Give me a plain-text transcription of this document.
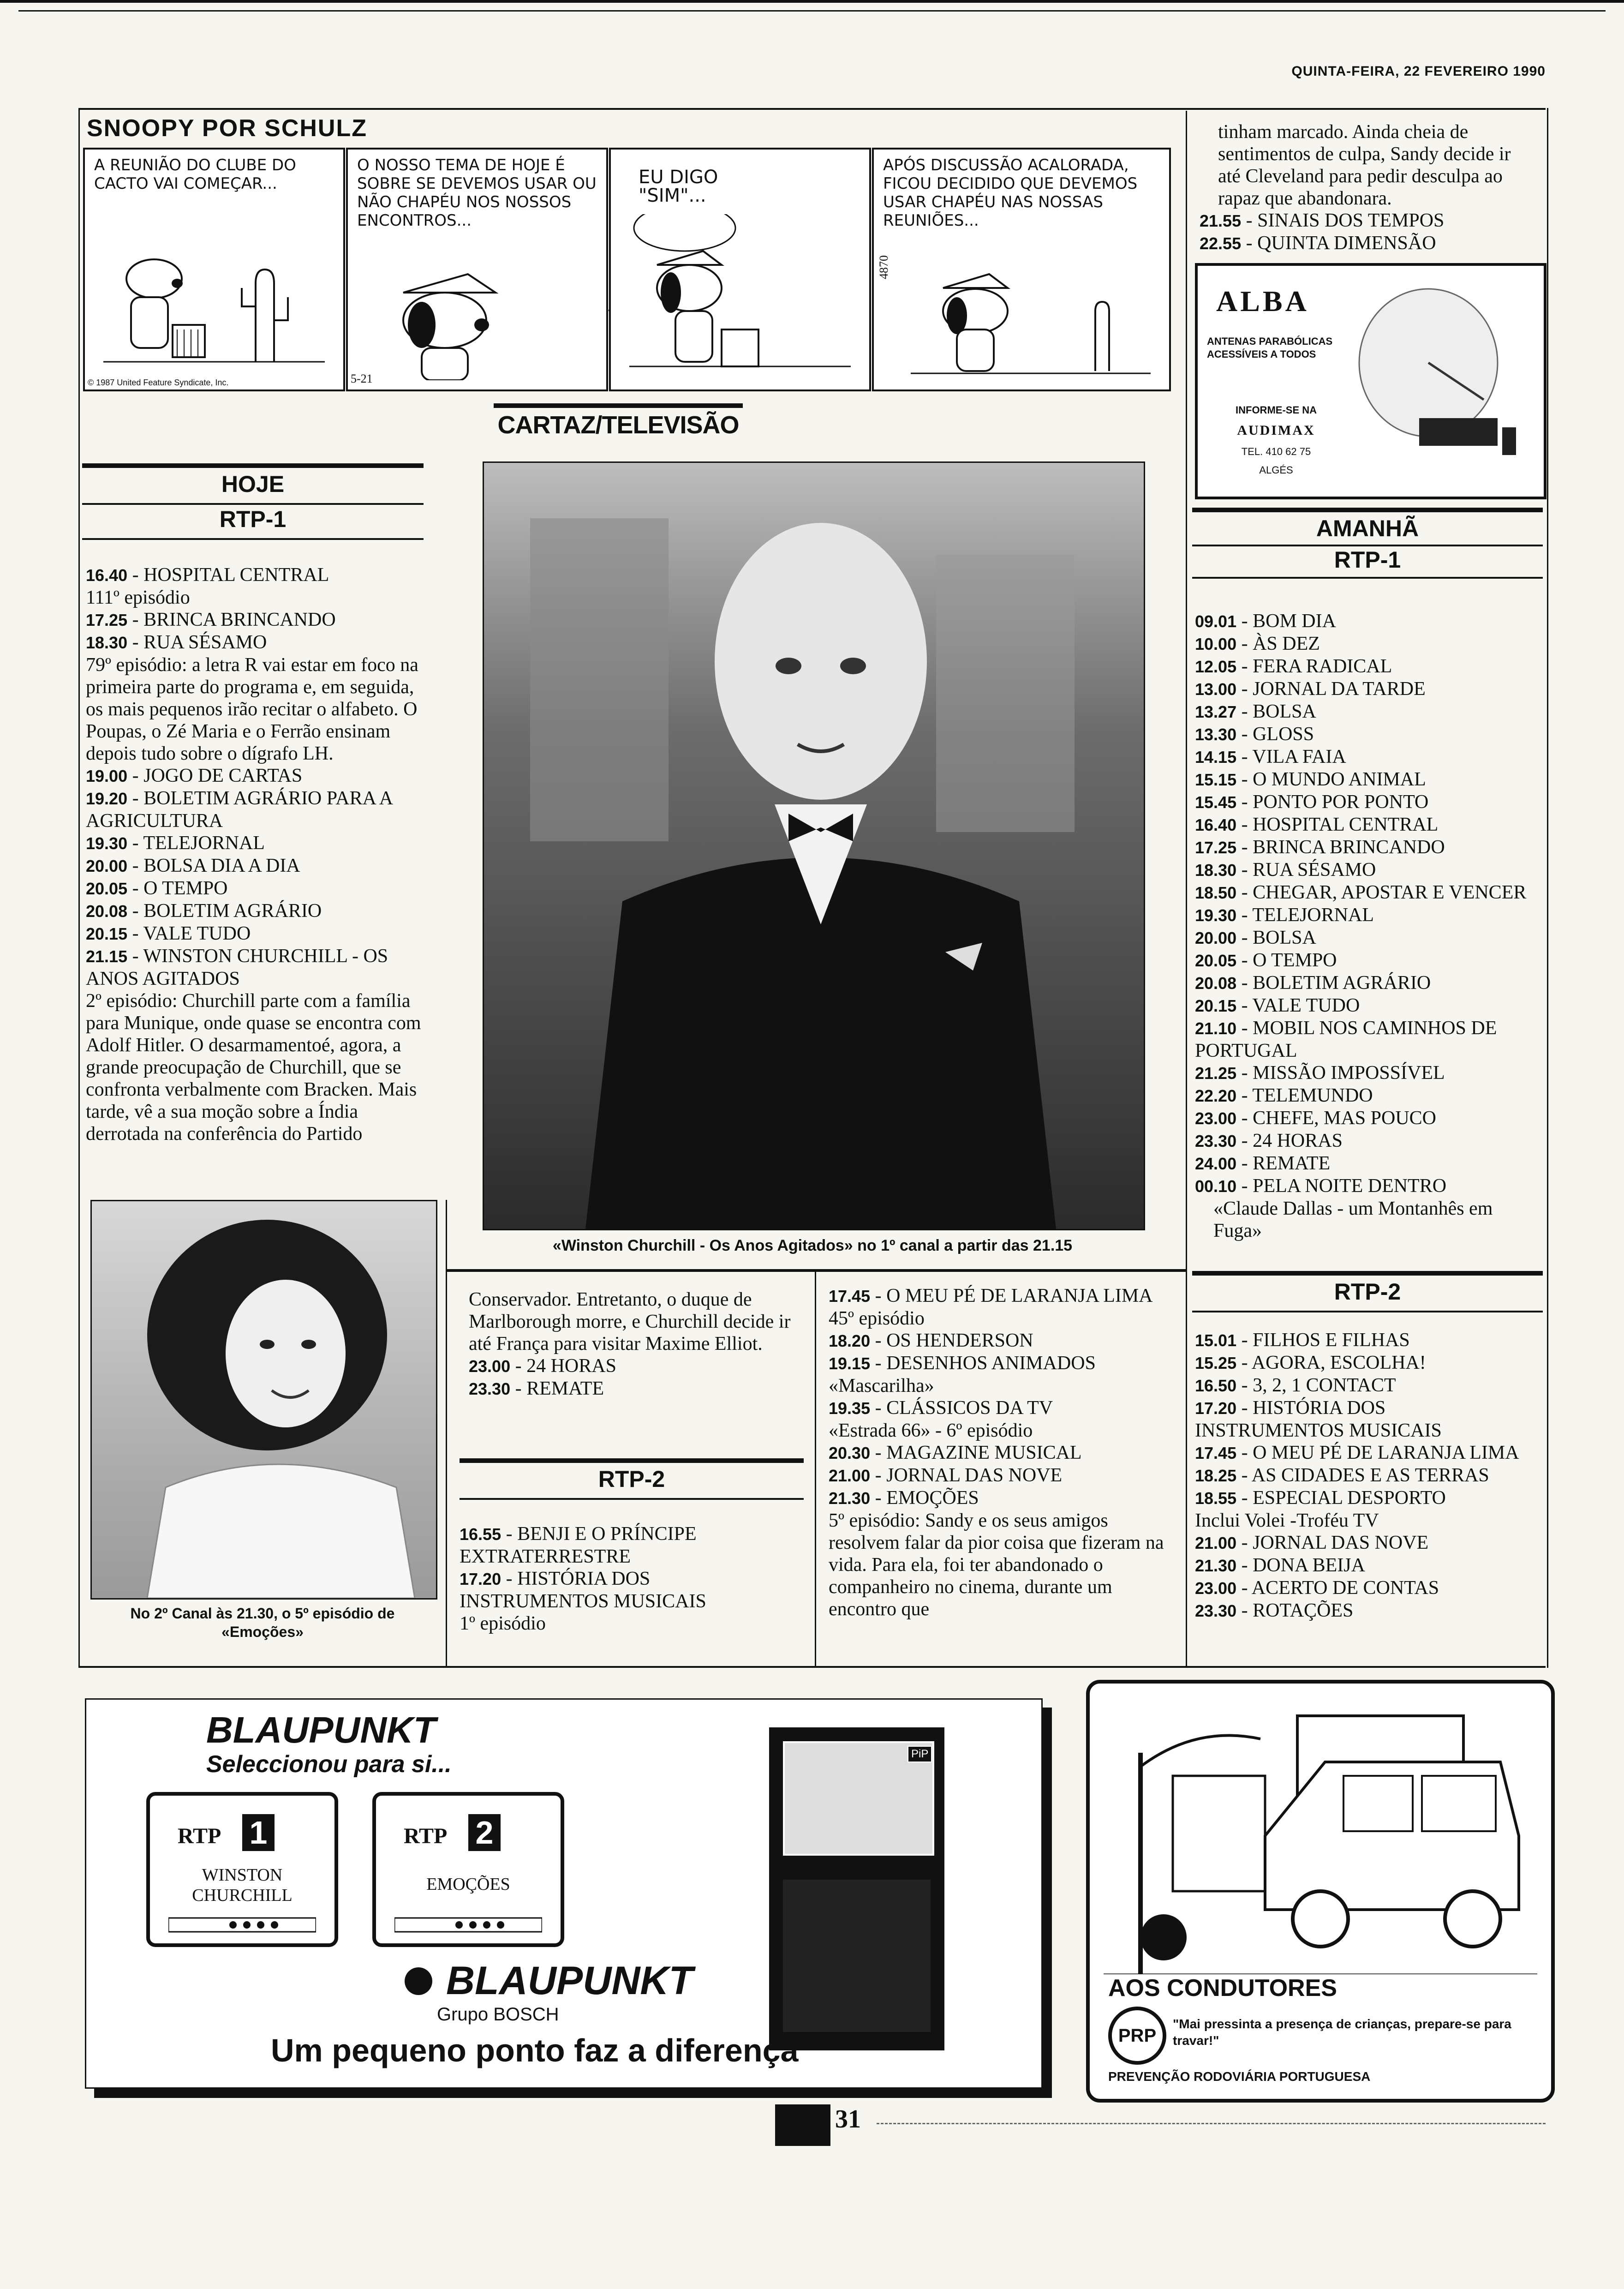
QUINTA-FEIRA, 22 FEVEREIRO 1990
SNOOPY POR SCHULZ
A REUNIÃO DO CLUBE DO CACTO VAI COMEÇAR...
© 1987 United Feature Syndicate, Inc.
O NOSSO TEMA DE HOJE É SOBRE SE DEVEMOS USAR OU NÃO CHAPÉU NOS NOSSOS ENCONTROS...
5-21
EU DIGO "SIM"...
APÓS DISCUSSÃO ACALORADA, FICOU DECIDIDO QUE DEVEMOS USAR CHAPÉU NAS NOSSAS REUNIÕES...
4870
CARTAZ/TELEVISÃO
HOJE
RTP-1
16.40 - HOSPITAL CENTRAL
111º episódio
17.25 - BRINCA BRINCANDO
18.30 - RUA SÉSAMO
79º episódio: a letra R vai estar em foco na primeira parte do programa e, em seguida, os mais pequenos irão recitar o alfabeto. O Poupas, o Zé Maria e o Ferrão ensinam depois tudo sobre o dígrafo LH.
19.00 - JOGO DE CARTAS
19.20 - BOLETIM AGRÁRIO PARA A AGRICULTURA
19.30 - TELEJORNAL
20.00 - BOLSA DIA A DIA
20.05 - O TEMPO
20.08 - BOLETIM AGRÁRIO
20.15 - VALE TUDO
21.15 - WINSTON CHURCHILL - OS ANOS AGITADOS
2º episódio: Churchill parte com a família para Munique, onde quase se encontra com Adolf Hitler. O desarmamentoé, agora, a grande preocupação de Churchill, que se confronta verbalmente com Bracken. Mais tarde, vê a sua moção sobre a Índia derrotada na conferência do Partido
«Winston Churchill - Os Anos Agitados» no 1º canal a partir das 21.15
No 2º Canal às 21.30, o 5º episódio de «Emoções»
Conservador. Entretanto, o duque de Marlborough morre, e Churchill decide ir até França para visitar Maxime Elliot.
23.00 - 24 HORAS
23.30 - REMATE
RTP-2
16.55 - BENJI E O PRÍNCIPE EXTRATERRESTRE
17.20 - HISTÓRIA DOS INSTRUMENTOS MUSICAIS
1º episódio
17.45 - O MEU PÉ DE LARANJA LIMA
45º episódio
18.20 - OS HENDERSON
19.15 - DESENHOS ANIMADOS
«Mascarilha»
19.35 - CLÁSSICOS DA TV
«Estrada 66» - 6º episódio
20.30 - MAGAZINE MUSICAL
21.00 - JORNAL DAS NOVE
21.30 - EMOÇÕES
5º episódio: Sandy e os seus amigos resolvem falar da pior coisa que fizeram na vida. Para ela, foi ter abandonado o companheiro no cinema, durante um encontro que
tinham marcado. Ainda cheia de sentimentos de culpa, Sandy decide ir até Cleveland para pedir desculpa ao rapaz que abandonara.
21.55 - SINAIS DOS TEMPOS
22.55 - QUINTA DIMENSÃO
ALBA
ANTENAS PARABÓLICAS ACESSÍVEIS A TODOS
INFORME-SE NA
AUDIMAX
TEL. 410 62 75
ALGÉS
AMANHÃ
RTP-1
09.01 - BOM DIA
10.00 - ÀS DEZ
12.05 - FERA RADICAL
13.00 - JORNAL DA TARDE
13.27 - BOLSA
13.30 - GLOSS
14.15 - VILA FAIA
15.15 - O MUNDO ANIMAL
15.45 - PONTO POR PONTO
16.40 - HOSPITAL CENTRAL
17.25 - BRINCA BRINCANDO
18.30 - RUA SÉSAMO
18.50 - CHEGAR, APOSTAR E VENCER
19.30 - TELEJORNAL
20.00 - BOLSA
20.05 - O TEMPO
20.08 - BOLETIM AGRÁRIO
20.15 - VALE TUDO
21.10 - MOBIL NOS CAMINHOS DE PORTUGAL
21.25 - MISSÃO IMPOSSÍVEL
22.20 - TELEMUNDO
23.00 - CHEFE, MAS POUCO
23.30 - 24 HORAS
24.00 - REMATE
00.10 - PELA NOITE DENTRO
«Claude Dallas - um Montanhês em Fuga»
RTP-2
15.01 - FILHOS E FILHAS
15.25 - AGORA, ESCOLHA!
16.50 - 3, 2, 1 CONTACT
17.20 - HISTÓRIA DOS INSTRUMENTOS MUSICAIS
17.45 - O MEU PÉ DE LARANJA LIMA
18.25 - AS CIDADES E AS TERRAS
18.55 - ESPECIAL DESPORTO
Inclui Volei -Troféu TV
21.00 - JORNAL DAS NOVE
21.30 - DONA BEIJA
23.00 - ACERTO DE CONTAS
23.30 - ROTAÇÕES
BLAUPUNKT
Seleccionou para si...
RTP 1
WINSTON CHURCHILL
RTP 2
EMOÇÕES
PiP
BLAUPUNKT
Grupo BOSCH
Um pequeno ponto faz a diferença
AOS CONDUTORES
PRP
"Mai pressinta a presença de crianças, prepare-se para travar!"
PREVENÇÃO RODOVIÁRIA PORTUGUESA
31
